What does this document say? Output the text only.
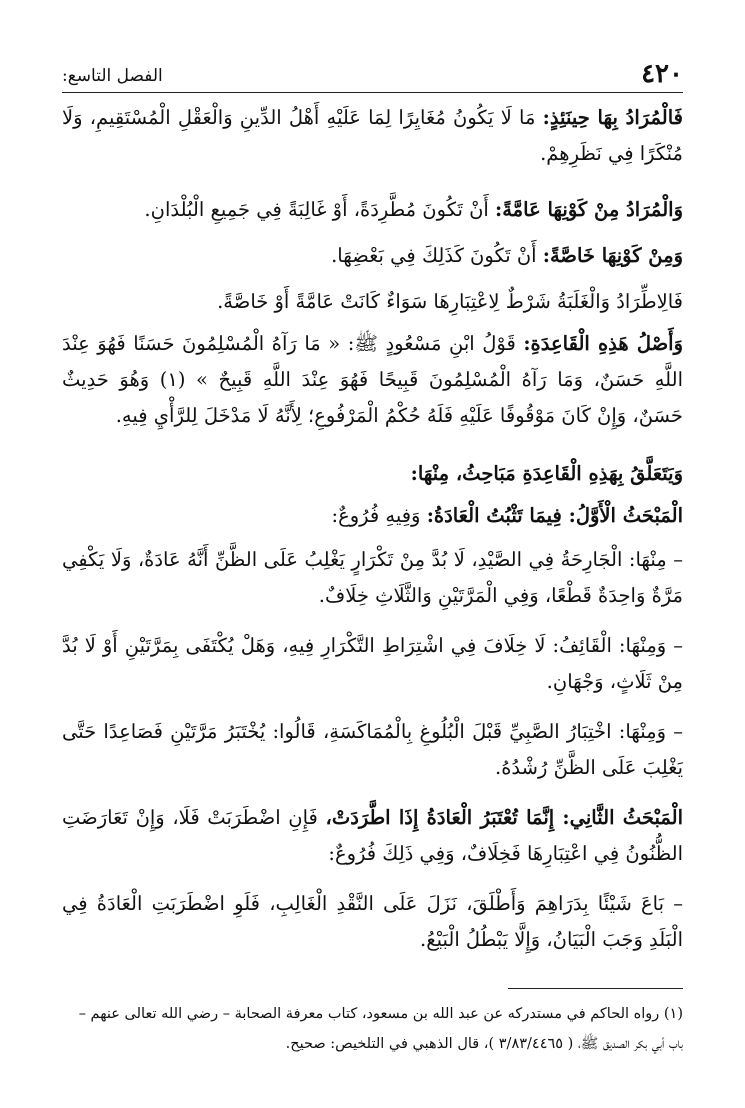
٤٢٠
الفصل التاسع:

فَالْمُرَادُ بِهَا حِينَئِذٍ: مَا لَا يَكُونُ مُغَايِرًا لِمَا عَلَيْهِ أَهْلُ الدِّينِ وَالْعَقْلِ الْمُسْتَقِيمِ، وَلَا مُنْكَرًا فِي نَظَرِهِمْ.

وَالْمُرَادُ مِنْ كَوْنِهَا عَامَّةً: أَنْ تَكُونَ مُطَّرِدَةً، أَوْ غَالِبَةً فِي جَمِيعِ الْبُلْدَانِ.

وَمِنْ كَوْنِهَا خَاصَّةً: أَنْ تَكُونَ كَذَلِكَ فِي بَعْضِهَا.

فَالِاطِّرَادُ وَالْغَلَبَةُ شَرْطٌ لِاعْتِبَارِهَا سَوَاءٌ كَانَتْ عَامَّةً أَوْ خَاصَّةً.

وَأَصْلُ هَذِهِ الْقَاعِدَةِ: قَوْلُ ابْنِ مَسْعُودٍ ﷺ: « مَا رَآهُ الْمُسْلِمُونَ حَسَنًا فَهُوَ عِنْدَ اللَّهِ حَسَنٌ، وَمَا رَآهُ الْمُسْلِمُونَ قَبِيحًا فَهُوَ عِنْدَ اللَّهِ قَبِيحٌ » (١) وَهُوَ حَدِيثٌ حَسَنٌ، وَإِنْ كَانَ مَوْقُوفًا عَلَيْهِ فَلَهُ حُكْمُ الْمَرْفُوعِ؛ لِأَنَّهُ لَا مَدْخَلَ لِلرَّأْيِ فِيهِ.

وَيَتَعَلَّقُ بِهَذِهِ الْقَاعِدَةِ مَبَاحِثُ، مِنْهَا:

الْمَبْحَثُ الْأَوَّلُ: فِيمَا تَثْبُتُ الْعَادَةُ: وَفِيهِ فُرُوعٌ:

– مِنْهَا: الْجَارِحَةُ فِي الصَّيْدِ، لَا بُدَّ مِنْ تَكْرَارٍ يَغْلِبُ عَلَى الظَّنِّ أَنَّهُ عَادَةٌ، وَلَا يَكْفِي مَرَّةٌ وَاحِدَةٌ قَطْعًا، وَفِي الْمَرَّتَيْنِ وَالثَّلَاثِ خِلَافٌ.

– وَمِنْهَا: الْقَائِفُ: لَا خِلَافَ فِي اشْتِرَاطِ التَّكْرَارِ فِيهِ، وَهَلْ يُكْتَفَى بِمَرَّتَيْنِ أَوْ لَا بُدَّ مِنْ ثَلَاثٍ، وَجْهَانِ.

– وَمِنْهَا: اخْتِبَارُ الصَّبِيِّ قَبْلَ الْبُلُوغِ بِالْمُمَاكَسَةِ، قَالُوا: يُخْتَبَرُ مَرَّتَيْنِ فَصَاعِدًا حَتَّى يَغْلِبَ عَلَى الظَّنِّ رُشْدُهُ.

الْمَبْحَثُ الثَّانِي: إِنَّمَا تُعْتَبَرُ الْعَادَةُ إِذَا اطَّرَدَتْ، فَإِنِ اضْطَرَبَتْ فَلَا، وَإِنْ تَعَارَضَتِ الظُّنُونُ فِي اعْتِبَارِهَا فَخِلَافٌ، وَفِي ذَلِكَ فُرُوعٌ:

– بَاعَ شَيْئًا بِدَرَاهِمَ وَأَطْلَقَ، نَزَلَ عَلَى النَّقْدِ الْغَالِبِ، فَلَوِ اضْطَرَبَتِ الْعَادَةُ فِي الْبَلَدِ وَجَبَ الْبَيَانُ، وَإِلَّا يَبْطُلُ الْبَيْعُ.

(١) رواه الحاكم في مستدركه عن عبد الله بن مسعود، كتاب معرفة الصحابة – رضي الله تعالى عنهم –
باب أبي بكر الصديق ﷺ، ( ٣/٨٣/٤٤٦٥ )، قال الذهبي في التلخيص: صحيح.
